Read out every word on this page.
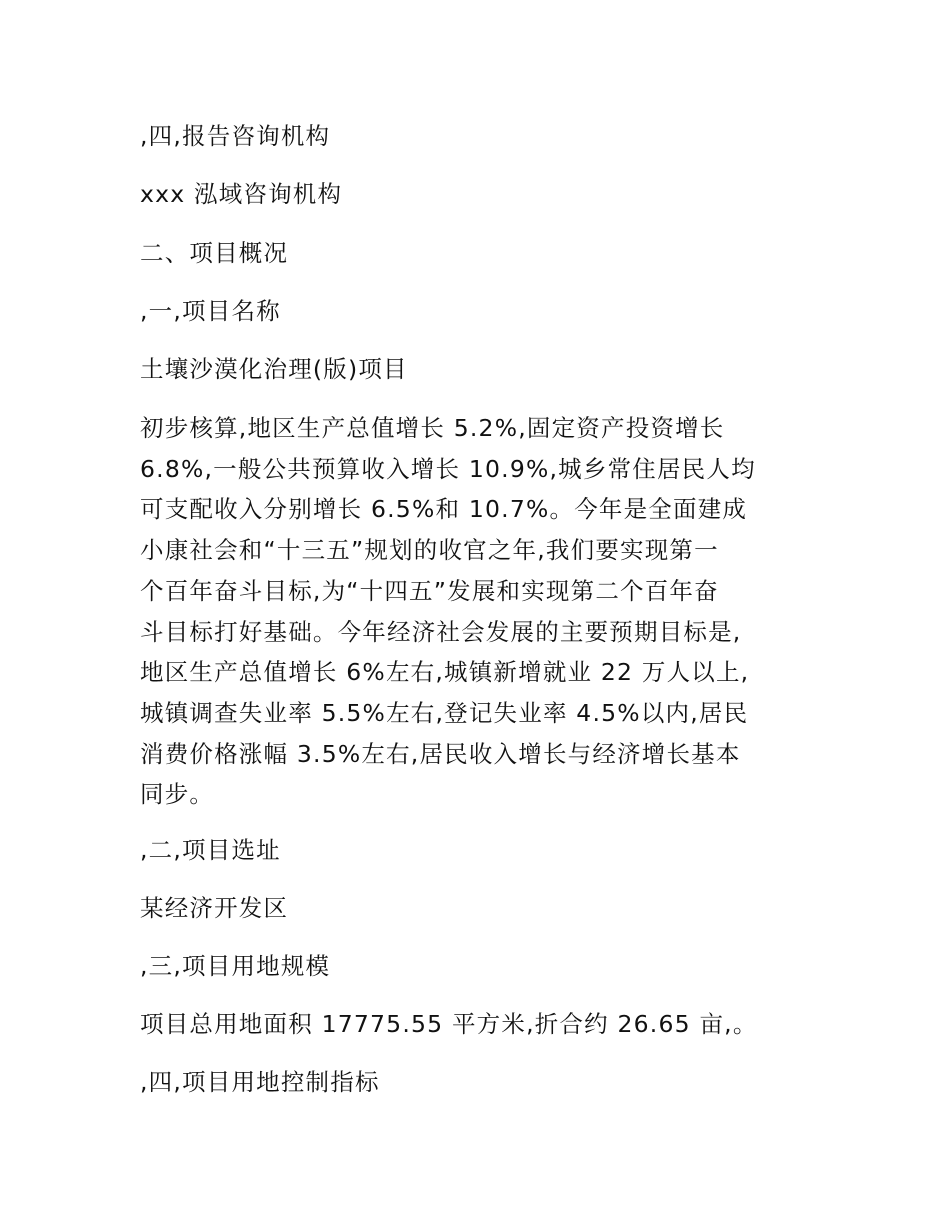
,四,报告咨询机构

xxx 泓域咨询机构

二、项目概况

,一,项目名称

土壤沙漠化治理(版)项目

初步核算,地区生产总值增长 5.2%,固定资产投资增长
6.8%,一般公共预算收入增长 10.9%,城乡常住居民人均
可支配收入分别增长 6.5%和 10.7%。今年是全面建成
小康社会和“十三五”规划的收官之年,我们要实现第一
个百年奋斗目标,为“十四五”发展和实现第二个百年奋
斗目标打好基础。今年经济社会发展的主要预期目标是,
地区生产总值增长 6%左右,城镇新增就业 22 万人以上,
城镇调查失业率 5.5%左右,登记失业率 4.5%以内,居民
消费价格涨幅 3.5%左右,居民收入增长与经济增长基本
同步。

,二,项目选址

某经济开发区

,三,项目用地规模

项目总用地面积 17775.55 平方米,折合约 26.65 亩,。

,四,项目用地控制指标
